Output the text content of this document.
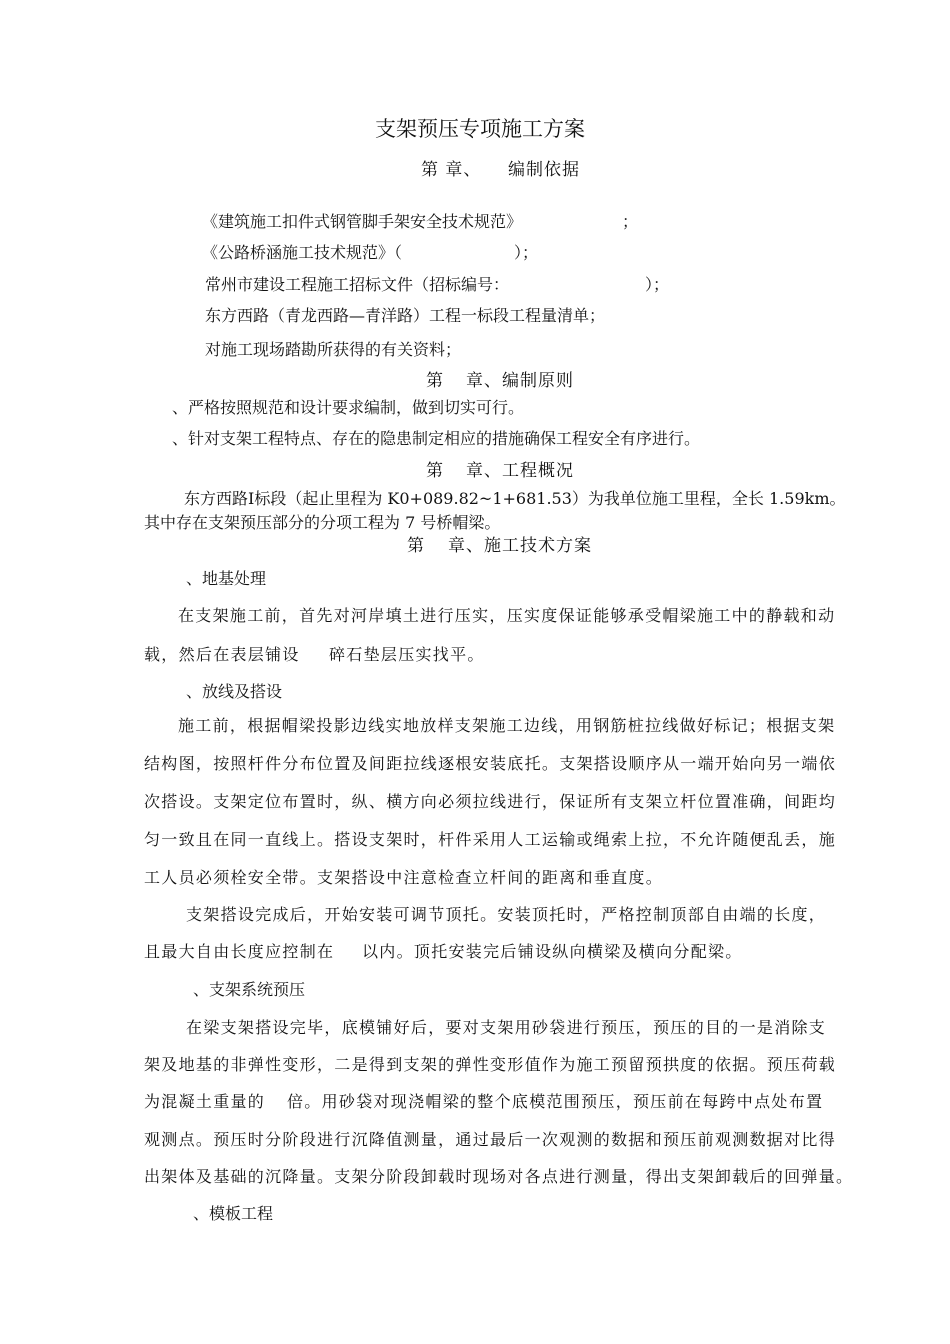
支架预压专项施工方案
第 章、 编制依据
《建筑施工扣件式钢管脚手架安全技术规范》	；
《公路桥涵施工技术规范》（	）；
常州市建设工程施工招标文件（招标编号：	）；
东方西路（青龙西路—青洋路）工程一标段工程量清单；
对施工现场踏勘所获得的有关资料；
第 章、编制原则
、严格按照规范和设计要求编制，做到切实可行。
、针对支架工程特点、存在的隐患制定相应的措施确保工程安全有序进行。
第 章、工程概况
东方西路Ⅰ标段（起止里程为 K0+089.82~1+681.53）为我单位施工里程，全长 1.59km。
其中存在支架预压部分的分项工程为 7 号桥帽梁。
第 章、施工技术方案
、地基处理
在支架施工前，首先对河岸填土进行压实，压实度保证能够承受帽梁施工中的静载和动
载，然后在表层铺设 碎石垫层压实找平。
、放线及搭设
施工前，根据帽梁投影边线实地放样支架施工边线，用钢筋桩拉线做好标记；根据支架
结构图，按照杆件分布位置及间距拉线逐根安装底托。支架搭设顺序从一端开始向另一端依
次搭设。支架定位布置时，纵、横方向必须拉线进行，保证所有支架立杆位置准确，间距均
匀一致且在同一直线上。搭设支架时，杆件采用人工运输或绳索上拉，不允许随便乱丢，施
工人员必须栓安全带。支架搭设中注意检查立杆间的距离和垂直度。
支架搭设完成后，开始安装可调节顶托。安装顶托时，严格控制顶部自由端的长度，
且最大自由长度应控制在 以内。顶托安装完后铺设纵向横梁及横向分配梁。
、支架系统预压
在梁支架搭设完毕，底模铺好后，要对支架用砂袋进行预压，预压的目的一是消除支
架及地基的非弹性变形，二是得到支架的弹性变形值作为施工预留预拱度的依据。预压荷载
为混凝土重量的 倍。用砂袋对现浇帽梁的整个底模范围预压，预压前在每跨中点处布置
观测点。预压时分阶段进行沉降值测量，通过最后一次观测的数据和预压前观测数据对比得
出架体及基础的沉降量。支架分阶段卸载时现场对各点进行测量，得出支架卸载后的回弹量。
、模板工程
